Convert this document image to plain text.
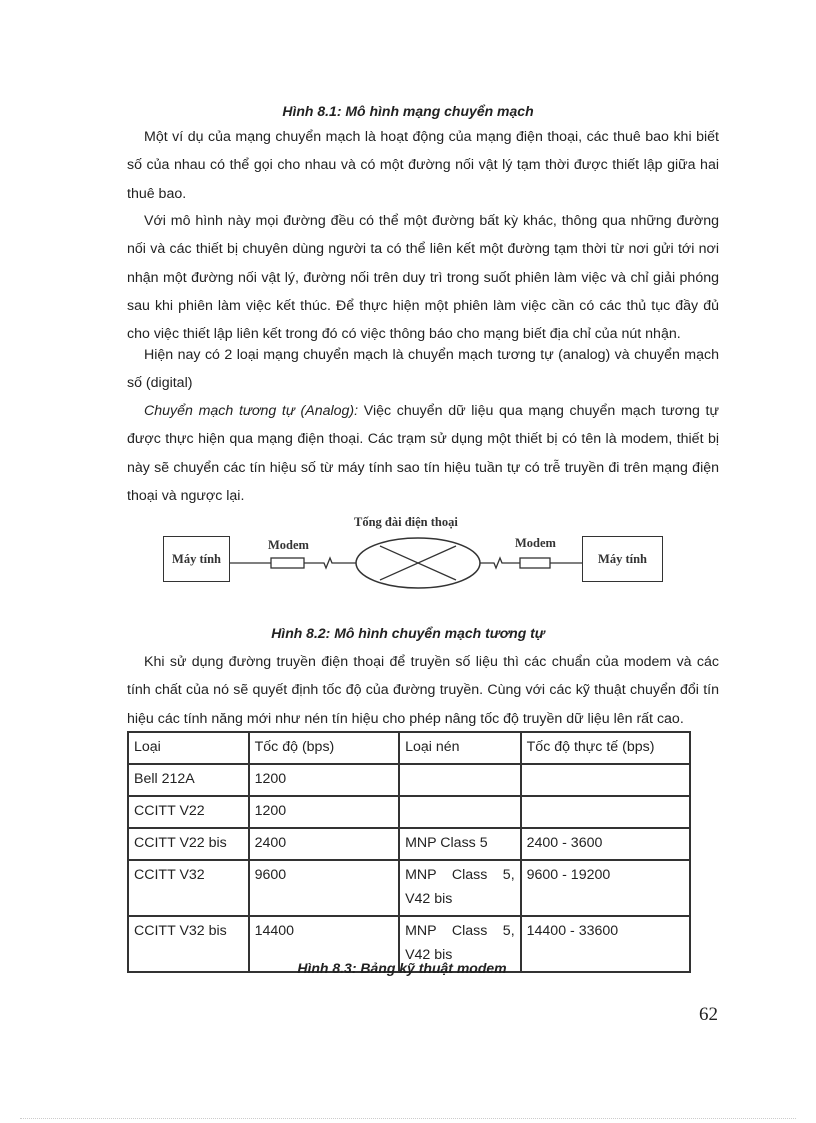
Hình 8.1: Mô hình mạng chuyển mạch

Một ví dụ của mạng chuyển mạch là hoạt động của mạng điện thoại, các thuê bao khi biết số của nhau có thể gọi cho nhau và có một đường nối vật lý tạm thời được thiết lập giữa hai thuê bao.

Với mô hình này mọi đường đều có thể một đường bất kỳ khác, thông qua những đường nối và các thiết bị chuyên dùng người ta có thể liên kết một đường tạm thời từ nơi gửi tới nơi nhận một đường nối vật lý, đường nối trên duy trì trong suốt phiên làm việc và chỉ giải phóng sau khi phiên làm việc kết thúc. Để thực hiện một phiên làm việc cần có các thủ tục đầy đủ cho việc thiết lập liên kết trong đó có việc thông báo cho mạng biết địa chỉ của nút nhận.

Hiện nay có 2 loại mạng chuyển mạch là chuyển mạch tương tự (analog) và chuyển mạch số (digital)

Chuyển mạch tương tự (Analog): Việc chuyển dữ liệu qua mạng chuyển mạch tương tự được thực hiện qua mạng điện thoại. Các trạm sử dụng một thiết bị có tên là modem, thiết bị này sẽ chuyển các tín hiệu số từ máy tính sao tín hiệu tuần tự có trễ truyền đi trên mạng điện thoại và ngược lại.

Máy tính	Máy tính
Tống đài điện thoại
Modem	Modem
Hình 8.2: Mô hình chuyển mạch tương tự

Khi sử dụng đường truyền điện thoại để truyền số liệu thì các chuẩn của modem và các tính chất của nó sẽ quyết định tốc độ của đường truyền. Cùng với các kỹ thuật chuyển đổi tín hiệu các tính năng mới như nén tín hiệu cho phép nâng tốc độ truyền dữ liệu lên rất cao.

Loại	Tốc độ (bps)	Loại nén	Tốc độ thực tế (bps)
Bell 212A	1200		
CCITT V22	1200		
CCITT V22 bis	2400	MNP Class 5	2400 - 3600
CCITT V32	9600	MNP Class 5, V42 bis	9600 - 19200
CCITT V32 bis	14400	MNP Class 5, V42 bis	14400 - 33600
Hình 8.3: Bảng kỹ thuật modem
62
